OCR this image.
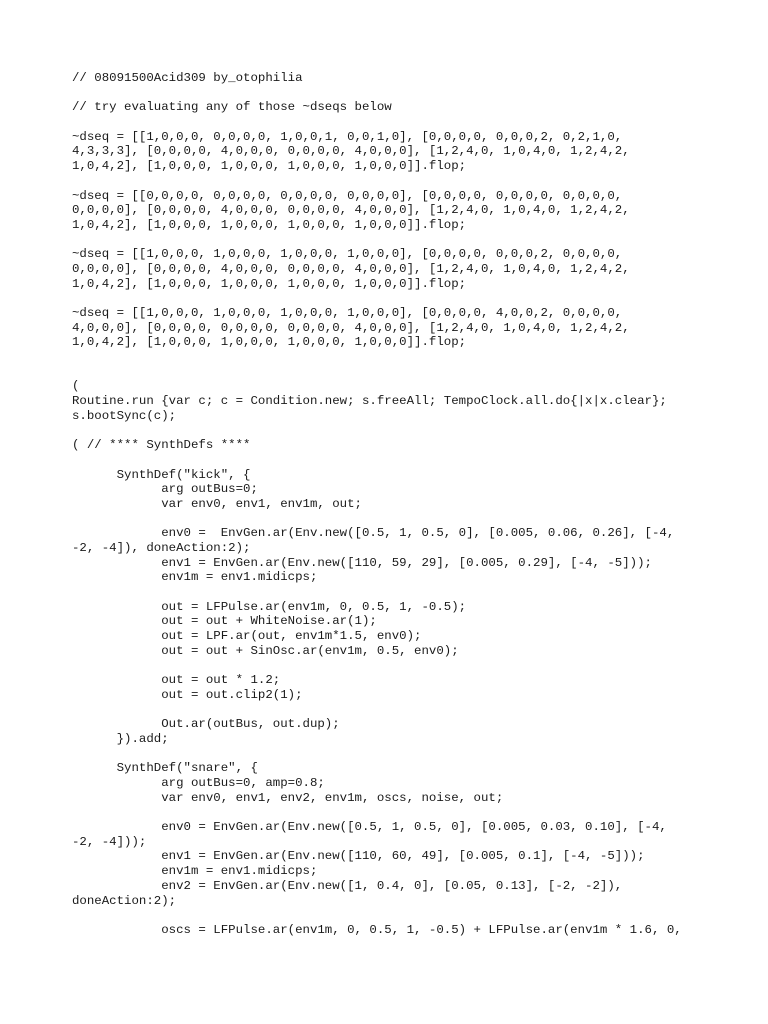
// 08091500Acid309 by_otophilia
// try evaluating any of those ~dseqs below
~dseq = [[1,0,0,0, 0,0,0,0, 1,0,0,1, 0,0,1,0], [0,0,0,0, 0,0,0,2, 0,2,1,0,
4,3,3,3], [0,0,0,0, 4,0,0,0, 0,0,0,0, 4,0,0,0], [1,2,4,0, 1,0,4,0, 1,2,4,2,
1,0,4,2], [1,0,0,0, 1,0,0,0, 1,0,0,0, 1,0,0,0]].flop;
~dseq = [[0,0,0,0, 0,0,0,0, 0,0,0,0, 0,0,0,0], [0,0,0,0, 0,0,0,0, 0,0,0,0,
0,0,0,0], [0,0,0,0, 4,0,0,0, 0,0,0,0, 4,0,0,0], [1,2,4,0, 1,0,4,0, 1,2,4,2,
1,0,4,2], [1,0,0,0, 1,0,0,0, 1,0,0,0, 1,0,0,0]].flop;
~dseq = [[1,0,0,0, 1,0,0,0, 1,0,0,0, 1,0,0,0], [0,0,0,0, 0,0,0,2, 0,0,0,0,
0,0,0,0], [0,0,0,0, 4,0,0,0, 0,0,0,0, 4,0,0,0], [1,2,4,0, 1,0,4,0, 1,2,4,2,
1,0,4,2], [1,0,0,0, 1,0,0,0, 1,0,0,0, 1,0,0,0]].flop;
~dseq = [[1,0,0,0, 1,0,0,0, 1,0,0,0, 1,0,0,0], [0,0,0,0, 4,0,0,2, 0,0,0,0,
4,0,0,0], [0,0,0,0, 0,0,0,0, 0,0,0,0, 4,0,0,0], [1,2,4,0, 1,0,4,0, 1,2,4,2,
1,0,4,2], [1,0,0,0, 1,0,0,0, 1,0,0,0, 1,0,0,0]].flop;
(
Routine.run {var c; c = Condition.new; s.freeAll; TempoClock.all.do{|x|x.clear};
s.bootSync(c);
( // **** SynthDefs ****
SynthDef("kick", {
arg outBus=0;
var env0, env1, env1m, out;
env0 =  EnvGen.ar(Env.new([0.5, 1, 0.5, 0], [0.005, 0.06, 0.26], [-4,
-2, -4]), doneAction:2);
env1 = EnvGen.ar(Env.new([110, 59, 29], [0.005, 0.29], [-4, -5]));
env1m = env1.midicps;
out = LFPulse.ar(env1m, 0, 0.5, 1, -0.5);
out = out + WhiteNoise.ar(1);
out = LPF.ar(out, env1m*1.5, env0);
out = out + SinOsc.ar(env1m, 0.5, env0);
out = out * 1.2;
out = out.clip2(1);
Out.ar(outBus, out.dup);
}).add;
SynthDef("snare", {
arg outBus=0, amp=0.8;
var env0, env1, env2, env1m, oscs, noise, out;
env0 = EnvGen.ar(Env.new([0.5, 1, 0.5, 0], [0.005, 0.03, 0.10], [-4,
-2, -4]));
env1 = EnvGen.ar(Env.new([110, 60, 49], [0.005, 0.1], [-4, -5]));
env1m = env1.midicps;
env2 = EnvGen.ar(Env.new([1, 0.4, 0], [0.05, 0.13], [-2, -2]),
doneAction:2);
oscs = LFPulse.ar(env1m, 0, 0.5, 1, -0.5) + LFPulse.ar(env1m * 1.6, 0,
